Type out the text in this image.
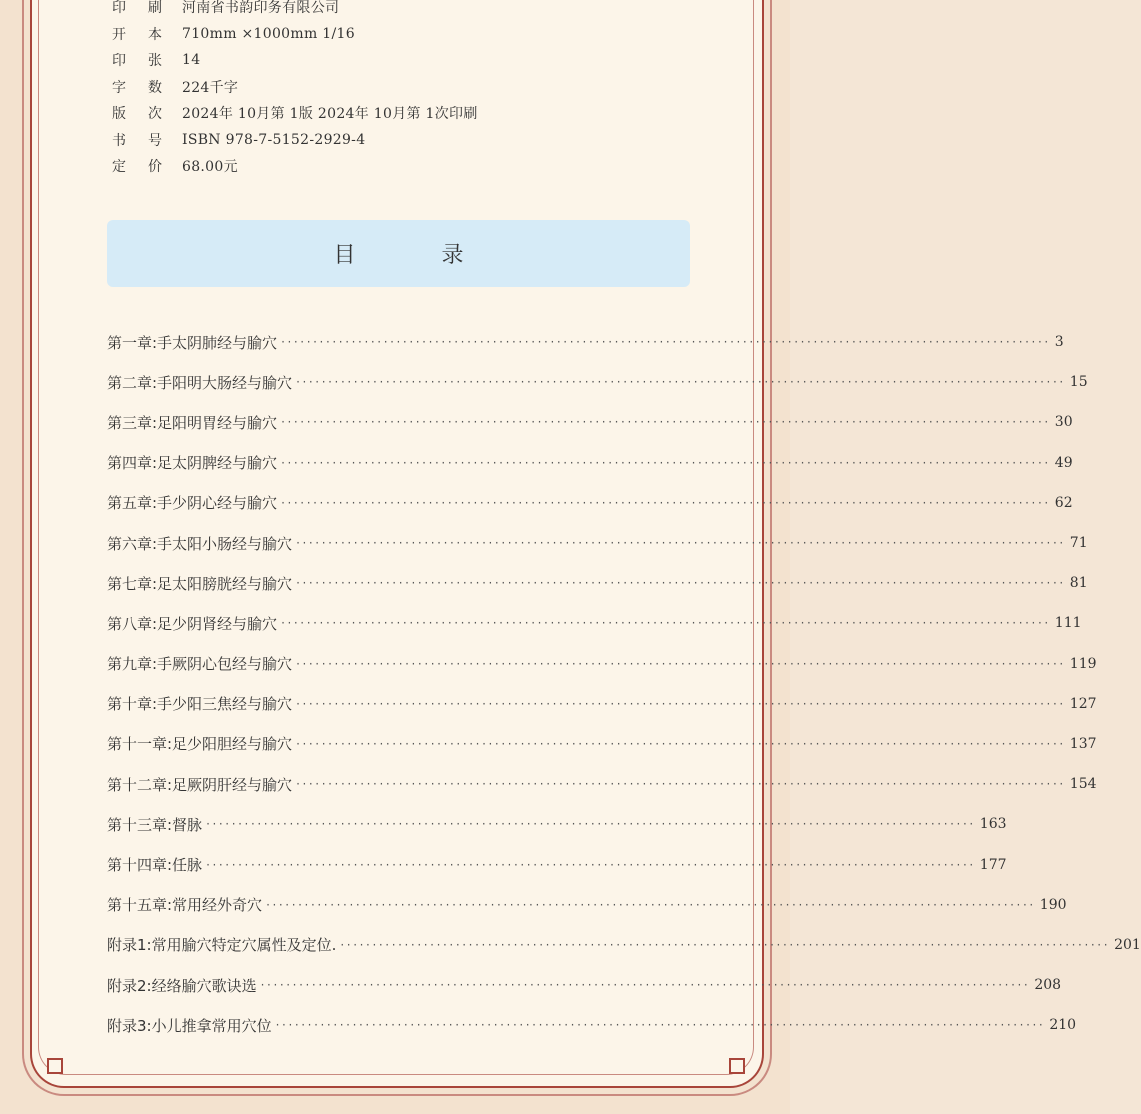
印 刷 河南省书韵印务有限公司
开 本 710mm ×1000mm 1/16
印 张 14
字 数 224千字
版 次 2024年 10月第 1版 2024年 10月第 1次印刷
书 号 ISBN 978-7-5152-2929-4
定 价 68.00元
目	录
第一章:手太阴肺经与腧穴 ························································································································ 3
第二章:手阳明大肠经与腧穴 ························································································································ 15
第三章:足阳明胃经与腧穴 ························································································································ 30
第四章:足太阴脾经与腧穴 ························································································································ 49
第五章:手少阴心经与腧穴 ························································································································ 62
第六章:手太阳小肠经与腧穴 ························································································································ 71
第七章:足太阳膀胱经与腧穴 ························································································································ 81
第八章:足少阴肾经与腧穴 ························································································································ 111
第九章:手厥阴心包经与腧穴 ························································································································ 119
第十章:手少阳三焦经与腧穴 ························································································································ 127
第十一章:足少阳胆经与腧穴 ························································································································ 137
第十二章:足厥阴肝经与腧穴 ························································································································ 154
第十三章:督脉 ························································································································ 163
第十四章:任脉 ························································································································ 177
第十五章:常用经外奇穴 ························································································································ 190
附录1:常用腧穴特定穴属性及定位. ························································································································ 201
附录2:经络腧穴歌诀选 ························································································································ 208
附录3:小儿推拿常用穴位 ························································································································ 210
